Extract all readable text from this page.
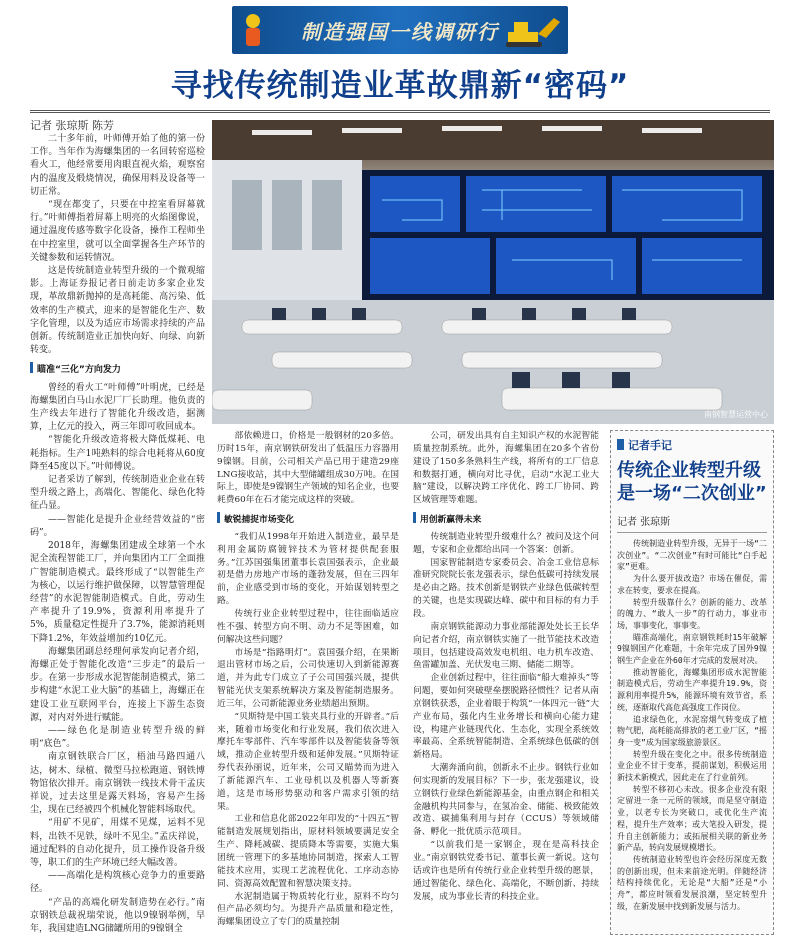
制造强国一线调研行
寻找传统制造业革故鼎新“密码”
记者 张琼斯 陈芳
南钢智慧运营中心

二十多年前，叶师傅开始了他的第一份工作。当年作为海螺集团的一名回转窑巡检看火工，他经常要用肉眼直视火焰，观察窑内的温度及煅烧情况，确保用料及设备等一切正常。

“现在都变了，只要在中控室看屏幕就行。”叶师傅指着屏幕上明亮的火焰图像说，通过温度传感等数字化设备，操作工程师坐在中控室里，就可以全面掌握各生产环节的关键参数和运转情况。

这是传统制造业转型升级的一个微观缩影。上海证券报记者日前走访多家企业发现，革故鼎新抛掉的是高耗能、高污染、低效率的生产模式，迎来的是智能化生产、数字化管理，以及为适应市场需求持续的产品创新。传统制造业正加快向好、向绿、向新转变。

瞄准“三化”方向发力

曾经的看火工“叶师傅”叶明虎，已经是海螺集团白马山水泥厂厂长助理。他负责的生产线去年进行了智能化升级改造，据测算，上亿元的投入，两三年即可收回成本。

“智能化升级改造将极大降低煤耗、电耗指标。生产1吨熟料的综合电耗将从60度降至45度以下。”叶师傅说。

记者采访了解到，传统制造业企业在转型升级之路上，高端化、智能化、绿色化特征凸显。

——智能化是提升企业经营效益的“密码”。

2018年，海螺集团建成全球第一个水泥全流程智能工厂，并向集团内工厂全面推广智能制造模式。最终形成了“以智能生产为核心，以运行维护做保障，以智慧管理促经营”的水泥智能制造模式。自此，劳动生产率提升了19.9%，资源利用率提升了5%，质量稳定性提升了3.7%，能源消耗则下降1.2%，年效益增加约10亿元。

海螺集团副总经理何承发向记者介绍，海螺正处于智能化改造“三步走”的最后一步。在第一步形成水泥智能制造模式，第二步构建“水泥工业大脑”的基础上，海螺正在建设工业互联网平台，连接上下游生态资源，对内对外进行赋能。

——绿色化是制造业转型升级的鲜明“底色”。

南京钢铁联合厂区，梧油马路四通八达，树木、绿植、微型马拉松跑道、钢铁博物馆依次排开。南京钢铁一线技术骨干孟庆祥说，过去这里是露天料场，容易产生扬尘，现在已经被四个机械化智能料场取代。

“用矿不见矿，用煤不见煤，运料不见料，出铁不见铁，绿叶不见尘。”孟庆祥说，通过配料的自动化提升，员工操作设备升级等，职工们的生产环境已经大幅改善。

——高端化是构筑核心竞争力的重要路径。

“产品的高端化研发制造势在必行。”南京钢铁总裁祝瑞荣说，他以9镍钢举例，早年，我国建造LNG储罐所用的9镍钢全

部依赖进口，价格是一般钢材的20多倍。历时15年，南京钢铁研发出了低温压力容器用9镍钢。目前，公司相关产品已用于建造29座LNG接收站，其中大型储罐组成30万吨。在国际上，即使是9镍钢生产领域的知名企业，也要耗费60年在石才能完成这样的突破。

敏锐捕捉市场变化

“我们从1998年开始进入制造业，最早是利用金属防腐镀锌技术为管材提供配套服务。”江苏国强集团董事长袁国强表示，企业最初是借力房地产市场的蓬勃发展，但在三四年前，企业感受到市场的变化，开始谋划转型之路。

传统行业企业转型过程中，往往面临适应性不强、转型方向不明、动力不足等困难，如何解决这些问题？

市场是“指路明灯”。袁国强介绍，在果断退出管材市场之后，公司快速切入到新能源赛道，并为此专门成立了子公司国强兴晟，提供智能光伏支架系统解决方案及智能制造服务。近三年，公司新能源业务业绩超出预期。

“贝斯特是中国工装夹具行业的开辟者。”后来，随着市场变化和行业发展，我们依次进入摩托车零部件、汽车零部件以及智能装备等领域，推动企业转型升级和延伸发展。”贝斯特证券代表孙丽说，近年来，公司又瞄势而为进入了新能源汽车、工业母机以及机器人等新赛道，这是市场形势驱动和客户需求引领的结果。

工业和信息化部2022年印发的“十四五”智能制造发展规划指出，原材料领域要满足安全生产、降耗减碳、提质降本等需要，实施大集团统一管理下的多基地协同制造，探索人工智能技术应用，实现工艺流程优化、工序动态协同、资源高效配置和智慧决策支持。

水泥制造属于物质转化行业，原料不均匀但产品必须均匀。为提升产品质量和稳定性，海螺集团设立了专门的质量控制

公司，研发出具有自主知识产权的水泥智能质量控制系统。此外，海螺集团在20多个省份建设了150多条熟料生产线，将所有的工厂信息和数据打通，横向对比寻优，启动“水泥工业大脑”建设，以解决跨工序优化、跨工厂协同、跨区域管理等难题。

用创新赢得未来

传统制造业转型升级难什么？被问及这个问题，专家和企业都给出同一个答案：创新。

国家智能制造专家委员会、冶金工业信息标准研究院院长张龙强表示，绿色低碳可持续发展是必由之路。技术创新是钢铁产业绿色低碳转型的关键，也是实现碳达峰、碳中和目标的有力手段。

南京钢铁能源动力事业部能源处处长王长华向记者介绍，南京钢铁实施了一批节能技术改造项目，包括建设高效发电机组、电力机车改造、鱼雷罐加盖、光伏发电三期、储能二期等。

企业创新过程中，往往面临“船大难掉头”等问题，要如何突破壁垒摆脱路径惯性？记者从南京钢铁获悉，企业着眼于构筑“一体四元一链”大产业布局，强化内生业务增长和横向心能力建设，构建产业链现代化、生态化，实现全系统效率最高、全系统智能制造、全系统绿色低碳的创新格局。

大潮奔涌向前，创新永不止步。钢铁行业如何实现新的发展目标？下一步，张龙强建议，设立钢铁行业绿色新能源基金，由重点钢企和相关金融机构共同参与，在氢冶金、储能、极致能效改造、碳捕集利用与封存（CCUS）等领域储备、孵化一批优质示范项目。

“以前我们是一家钢企，现在是高科技企业。”南京钢铁党委书记、董事长黄一新说。这句话或许也是所有传统行业企业转型升级的愿景，通过智能化、绿色化、高端化，不断创新、持续发展，成为事业长青的科技企业。

记者手记
传统企业转型升级是一场“二次创业”
记者 张琼斯

传统制造业转型升级，无异于一场“二次创业”。“二次创业”有时可能比“白手起家”更难。

为什么要开拔改造？市场在催促，需求在转变，要求在提高。

转型升级靠什么？创新的能力、改革的魄力、“敢人一步”的行动力，事业市场，事事变化，事事变。

瞄准高端化，南京钢铁耗时15年破解9镍钢国产化难题，十余年完成了国外9镍钢生产企业在外60年才完成的发展对决。

推动智能化，海螺集团形成水泥智能制造模式后，劳动生产率提升19.9%，资源利用率提升5%，能源环境有效节省，系统，逐渐取代高危高强度工作岗位。

追求绿色化，水泥窑烟气转变成了植物气肥，高耗能高排放的老工业厂区，“摇身一变”成为国家级旅游景区。

转型升级在变化之中。很多传统制造业企业不甘于变革，提前谋划，积极运用新技术新模式，因此走在了行业前列。

转型不移初心未改。很多企业没有限定留进一条一元所的领域，而是坚守制造业，以老专长为突破口，或优化生产流程，提升生产效率；或大笔投入研发，提升自主创新能力；或拓展相关联的新业务新产品，转向发展规模增长。

传统制造业转型也许会经历深度无数的创新出现，但未来前途光明。伴随经济结构持续优化，无论是“大船”还是“小舟”，都应时领看发展浪潮，坚定转型升级，在新发展中找到新发展与活力。
